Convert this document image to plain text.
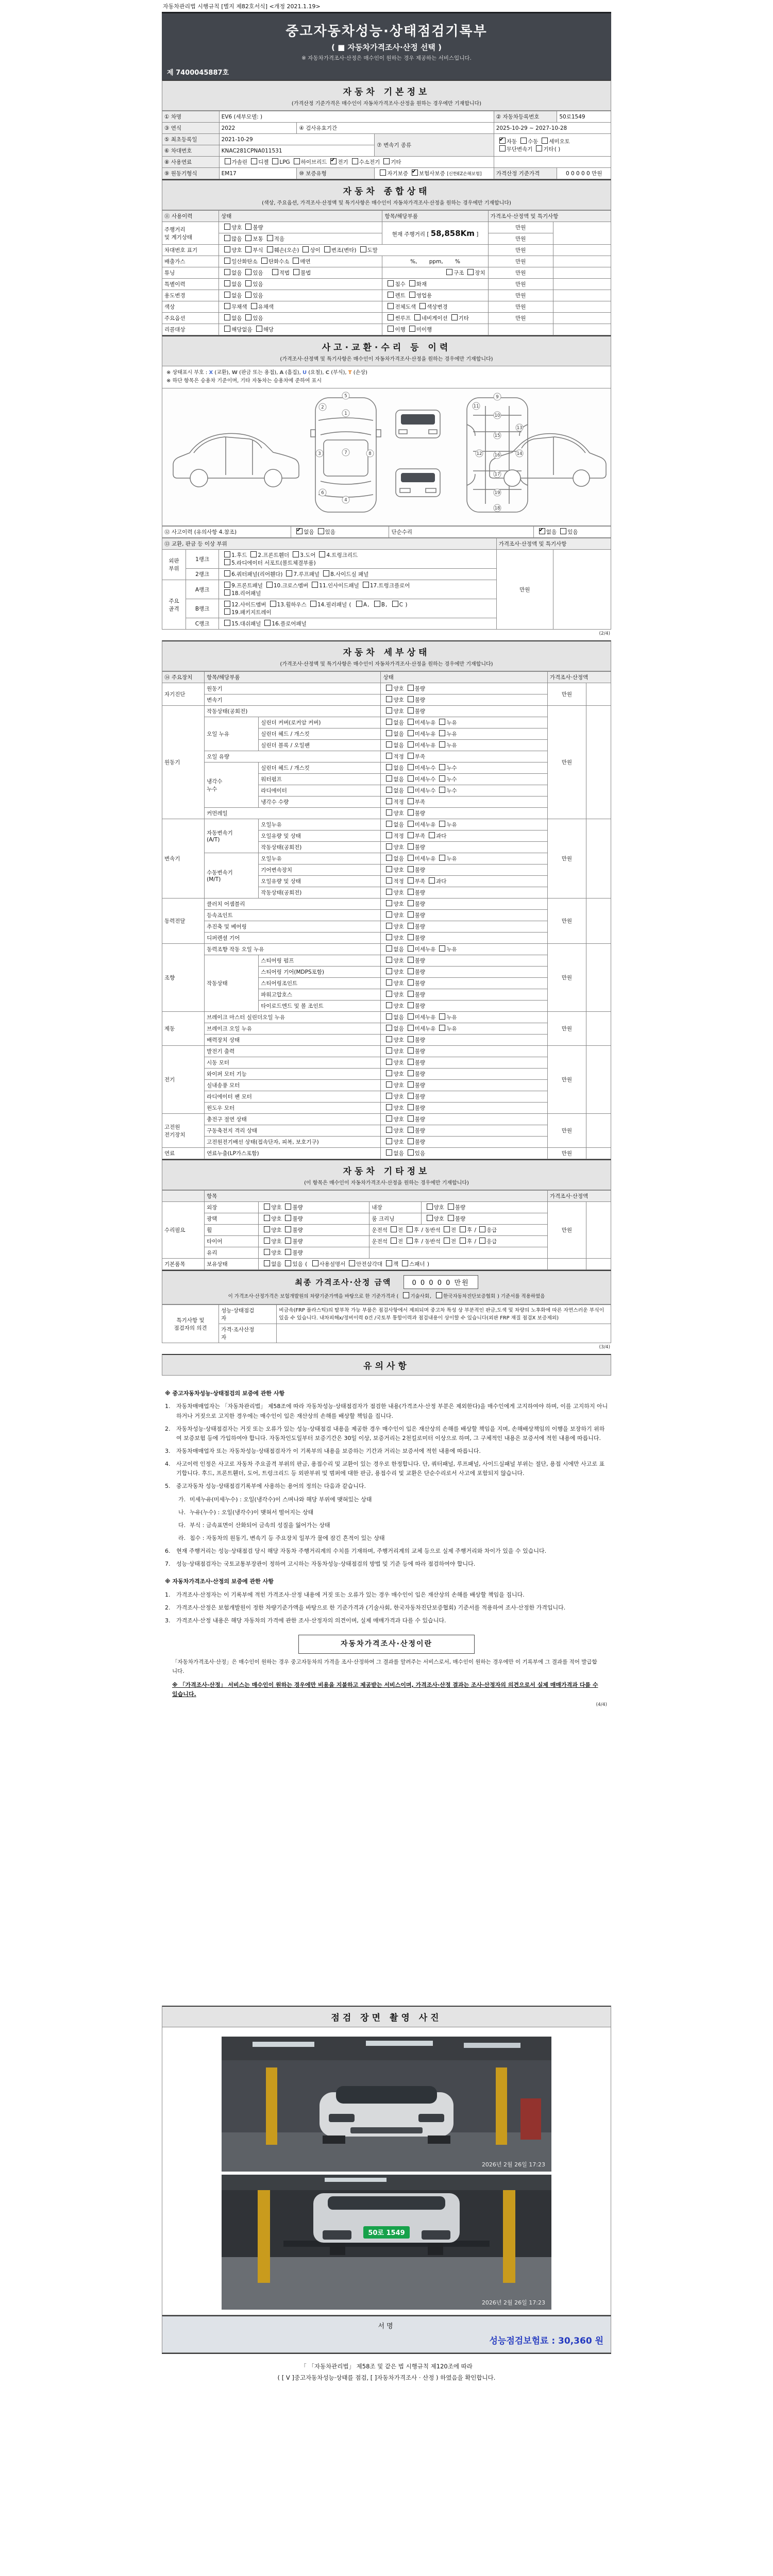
자동차관리법 시행규칙 [별지 제82호서식] <개정 2021.1.19>
중고자동차성능·상태점검기록부
( ■ 자동차가격조사·산정 선택 )
※ 자동차가격조사·산정은 매수인이 원하는 경우 제공하는 서비스입니다.
제 7400045887호
자동차 기본정보
(가격산정 기준가격은 매수인이 자동차가격조사·산정을 원하는 경우에만 기재합니다)
① 차명	EV6 (세부모델: )			② 자동차등록번호	50로1549
③ 연식	2022	④ 검사유효기간		2025-10-29 ~ 2027-10-28	
⑤ 최초등록일	2021-10-29		⑦ 변속기 종류	✔자동 수동 세미오토
무단변속기 기타( )
⑥ 차대번호	KNAC281CPNA011531				
⑧ 사용연료	가솔린 디젤 LPG 하이브리드 ✔ 전기 수소전기 기타	
⑨ 원동기형식	EM17	⑩ 보증유형	자기보증 ✔ 보험사보증 [신한EZ손해보험]	가격산정 기준가격	0 0 0 0 0 만원
자동차 종합상태
(색상, 주요옵션, 가격조사·산정액 및 특기사항은 매수인이 자동차가격조사·산정을 원하는 경우에만 기재합니다)
⑪ 사용이력	상태	항목/해당부품	가격조사·산정액 및 특기사항	
주행거리
및 계기상태	양호 불량	현재 주행거리 [ 58,858Km ]	만원	
	많음 보통 적음		만원	
차대번호 표기	양호 부식 훼손(오손) 상이 변조(변타) 도말		만원	
배출가스	일산화탄소 탄화수소 매연	%,       ppm,       %	만원	
튜닝	없음 있음 적법 불법	구조 장치	만원	
특별이력	없음 있음	침수 화재	만원	
용도변경	없음 있음	렌트 영업용	만원	
색상	무채색 유채색	전체도색 색상변경	만원	
주요옵션	없음 있음	썬루프 네비게이션 기타	만원	
리콜대상	해당없음 해당	이행 미이행		
사고·교환·수리 등 이력
(가격조사·산정액 및 특기사항은 매수인이 자동차가격조사·산정을 원하는 경우에만 기재합니다)
※ 상태표시 부호 : X (교환), W (판금 또는 용접), A (흠집), U (요철), C (부식), T (손상)
※ 하단 항목은 승용차 기준이며, 기타 자동차는 승용차에 준하여 표시
1
2
3
4
5
6
7	8
9
10
11
12
13
14
15
16
17
18
19
⑫ 사고이력 (유의사항 4.참조)	✔없음 있음	단순수리	✔없음 있음
⑬ 교환, 판금 등 이상 부위			가격조사·산정액 및 특기사항	
외판
부위	1랭크	1.후드 2.프론트휀더 3.도어 4.트렁크리드
5.라디에이터 서포트(볼트체결부품)	만원	
	2랭크	6.쿼터패널(리어휀다) 7.루프패널 8.사이드실 패널		
주요
골격	A랭크	9.프론트패널 10.크로스멤버 11.인사이드패널 17.트렁크플로어
18.리어패널		
	B랭크	12.사이드멤버 13.휠하우스 14.필러패널 ( A, B, C )
19.패키지트레이		
	C랭크	15.대쉬패널 16.플로어패널		
(2/4)
자동차 세부상태
(가격조사·산정액 및 특기사항은 매수인이 자동차가격조사·산정을 원하는 경우에만 기재합니다)
⑭ 주요장치	항목/해당부품		상태	가격조사·산정액	
자기진단	원동기		양호 불량	만원	
	변속기		양호 불량		
원동기	작동상태(공회전)		양호 불량	만원	
	오일 누유	실린더 커버(로커암 커버)	없음 미세누유 누유		
		실린더 헤드 / 개스킷	없음 미세누유 누유		
		실린더 블록 / 오일팬	없음 미세누유 누유		
	오일 유량		적정 부족		
	냉각수
누수	실린더 헤드 / 개스킷	없음 미세누수 누수		
		워터펌프	없음 미세누수 누수		
		라디에이터	없음 미세누수 누수		
		냉각수 수량	적정 부족		
	커먼레일		양호 불량		
변속기	자동변속기
(A/T)	오일누유	없음 미세누유 누유	만원	
		오일유량 및 상태	적정 부족 과다		
		작동상태(공회전)	양호 불량		
	수동변속기
(M/T)	오일누유	없음 미세누유 누유		
		기어변속장치	양호 불량		
		오일유량 및 상태	적정 부족 과다		
		작동상태(공회전)	양호 불량		
동력전달	클러치 어셈블리		양호 불량	만원	
	등속죠인트		양호 불량		
	추진축 및 베어링		양호 불량		
	디퍼렌셜 기어		양호 불량		
조향	동력조향 작동 오일 누유		없음 미세누유 누유	만원	
	작동상태	스티어링 펌프	양호 불량		
		스티어링 기어(MDPS포함)	양호 불량		
		스티어링조인트	양호 불량		
		파워고압호스	양호 불량		
		타이로드엔드 및 볼 조인트	양호 불량		
제동	브레이크 마스터 실린더오일 누유		없음 미세누유 누유	만원	
	브레이크 오일 누유		없음 미세누유 누유		
	배력장치 상태		양호 불량		
전기	발전기 출력		양호 불량	만원	
	시동 모터		양호 불량		
	와이퍼 모터 기능		양호 불량		
	실내송풍 모터		양호 불량		
	라디에이터 팬 모터		양호 불량		
	윈도우 모터		양호 불량		
고전원
전기장치	충전구 절연 상태		양호 불량	만원	
	구동축전지 격리 상태		양호 불량		
	고전원전기배선 상태(접속단자, 피복, 보호기구)		양호 불량		
연료	연료누출(LP가스포함)		없음 있음	만원	
자동차 기타정보
(이 항목은 매수인이 자동차가격조사·산정을 원하는 경우에만 기재합니다)
	항목				가격조사·산정액	
수리필요	외장	양호 불량	내장	양호 불량	만원	
	광택	양호 불량	룸 크리닝	양호 불량		
	휠	양호 불량	운전석 전 후 / 동반석 전 후 / 응급			
	타이어	양호 불량	운전석 전 후 / 동반석 전 후 / 응급			
	유리	양호 불량				
기본품목	보유상태	없음 있음 ( 사용설명서 안전삼각대 잭 스패너 )				
최종 가격조사·산정 금액	0 0 0 0 0 만원
이 가격조사·산정가격은 보험개발원의 차량기준가액을 바탕으로 한 기준가격과 ( 기술사회, 한국자동차진단보증협회 ) 기준서를 적용하였음
특기사항 및
점검자의 의견	성능·상태점검
자	비금속(FRP 플라스틱)의 탈부착 가능 부품은 점검사항에서 제외되며 중고차 특성 상 부분적인 판금,도색 및 차량의 노후화에 따른 자연스러운 부식이 있을 수 있습니다. 내차피해x/정비이력 0건 /국토부 통합이력과 점검내용이 상이할 수 있습니다(외판 FRP 재질 점검X 보증제외)
	가격·조사산정
자	
(3/4)
유의사항
※ 중고자동차성능·상태점검의 보증에 관한 사항
1.	자동차매매업자는 「자동차관리법」 제58조에 따라 자동차성능·상태점검자가 점검한 내용(가격조사·산정 부분은 제외한다)을 매수인에게 고지하여야 하며, 이를 고지하지 아니하거나 거짓으로 고지한 경우에는 매수인이 입은 재산상의 손해를 배상할 책임을 집니다.
2.	자동차성능·상태점검자는 거짓 또는 오류가 있는 성능·상태점검 내용을 제공한 경우 매수인이 입은 재산상의 손해를 배상할 책임을 지며, 손해배상책임의 이행을 보장하기 위하여 보증보험 등에 가입하여야 합니다. 자동차인도일부터 보증기간은 30일 이상, 보증거리는 2천킬로미터 이상으로 하며, 그 구체적인 내용은 보증서에 적힌 내용에 따릅니다.
3.	자동차매매업자 또는 자동차성능·상태점검자가 이 기록부의 내용을 보증하는 기간과 거리는 보증서에 적힌 내용에 따릅니다.
4.	사고이력 인정은 사고로 자동차 주요골격 부위의 판금, 용접수리 및 교환이 있는 경우로 한정합니다. 단, 쿼터패널, 루프패널, 사이드실패널 부위는 절단, 용접 시에만 사고로 표기합니다. 후드, 프론트휀더, 도어, 트렁크리드 등 외판부위 및 범퍼에 대한 판금, 용접수리 및 교환은 단순수리로서 사고에 포함되지 않습니다.
5.	중고자동차 성능·상태점검기록부에 사용하는 용어의 정의는 다음과 같습니다.
가. 미세누유(미세누수) : 오일(냉각수)이 스며나와 해당 부위에 맺혀있는 상태
나. 누유(누수) : 오일(냉각수)이 맺혀서 떨어지는 상태
다. 부식 : 금속표면이 산화되어 금속의 성질을 잃어가는 상태
라. 침수 : 자동차의 원동기, 변속기 등 주요장치 일부가 물에 잠긴 흔적이 있는 상태
6.	현재 주행거리는 성능·상태점검 당시 해당 자동차 주행거리계의 수치를 기재하며, 주행거리계의 교체 등으로 실제 주행거리와 차이가 있을 수 있습니다.
7.	성능·상태점검자는 국토교통부장관이 정하여 고시하는 자동차성능·상태점검의 방법 및 기준 등에 따라 점검하여야 합니다.
※ 자동차가격조사·산정의 보증에 관한 사항
1.	가격조사·산정자는 이 기록부에 적힌 가격조사·산정 내용에 거짓 또는 오류가 있는 경우 매수인이 입은 재산상의 손해를 배상할 책임을 집니다.
2.	가격조사·산정은 보험개발원이 정한 차량기준가액을 바탕으로 한 기준가격과 (기술사회, 한국자동차진단보증협회) 기준서를 적용하여 조사·산정한 가격입니다.
3.	가격조사·산정 내용은 해당 자동차의 가격에 관한 조사·산정자의 의견이며, 실제 매매가격과 다를 수 있습니다.
자동차가격조사·산정이란
「자동차가격조사·산정」은 매수인이 원하는 경우 중고자동차의 가격을 조사·산정하여 그 결과를 알려주는 서비스로서, 매수인이 원하는 경우에만 이 기록부에 그 결과를 적어 발급합니다.
※ 「가격조사·산정」 서비스는 매수인이 원하는 경우에만 비용을 지불하고 제공받는 서비스이며, 가격조사·산정 결과는 조사·산정자의 의견으로서 실제 매매가격과 다를 수 있습니다.
(4/4)
점검 장면 촬영 사진
2026년 2월 26일 17:23
50로 1549
2026년 2월 26일 17:23
서명
성능점검보험료 : 30,360 원
「 「자동차관리법」 제58조 및 같은 법 시행규칙 제120조에 따라
( [ V ]중고자동차성능·상태를 점검, [ ]자동차가격조사 · 산정 ) 하였음을 확인합니다.
